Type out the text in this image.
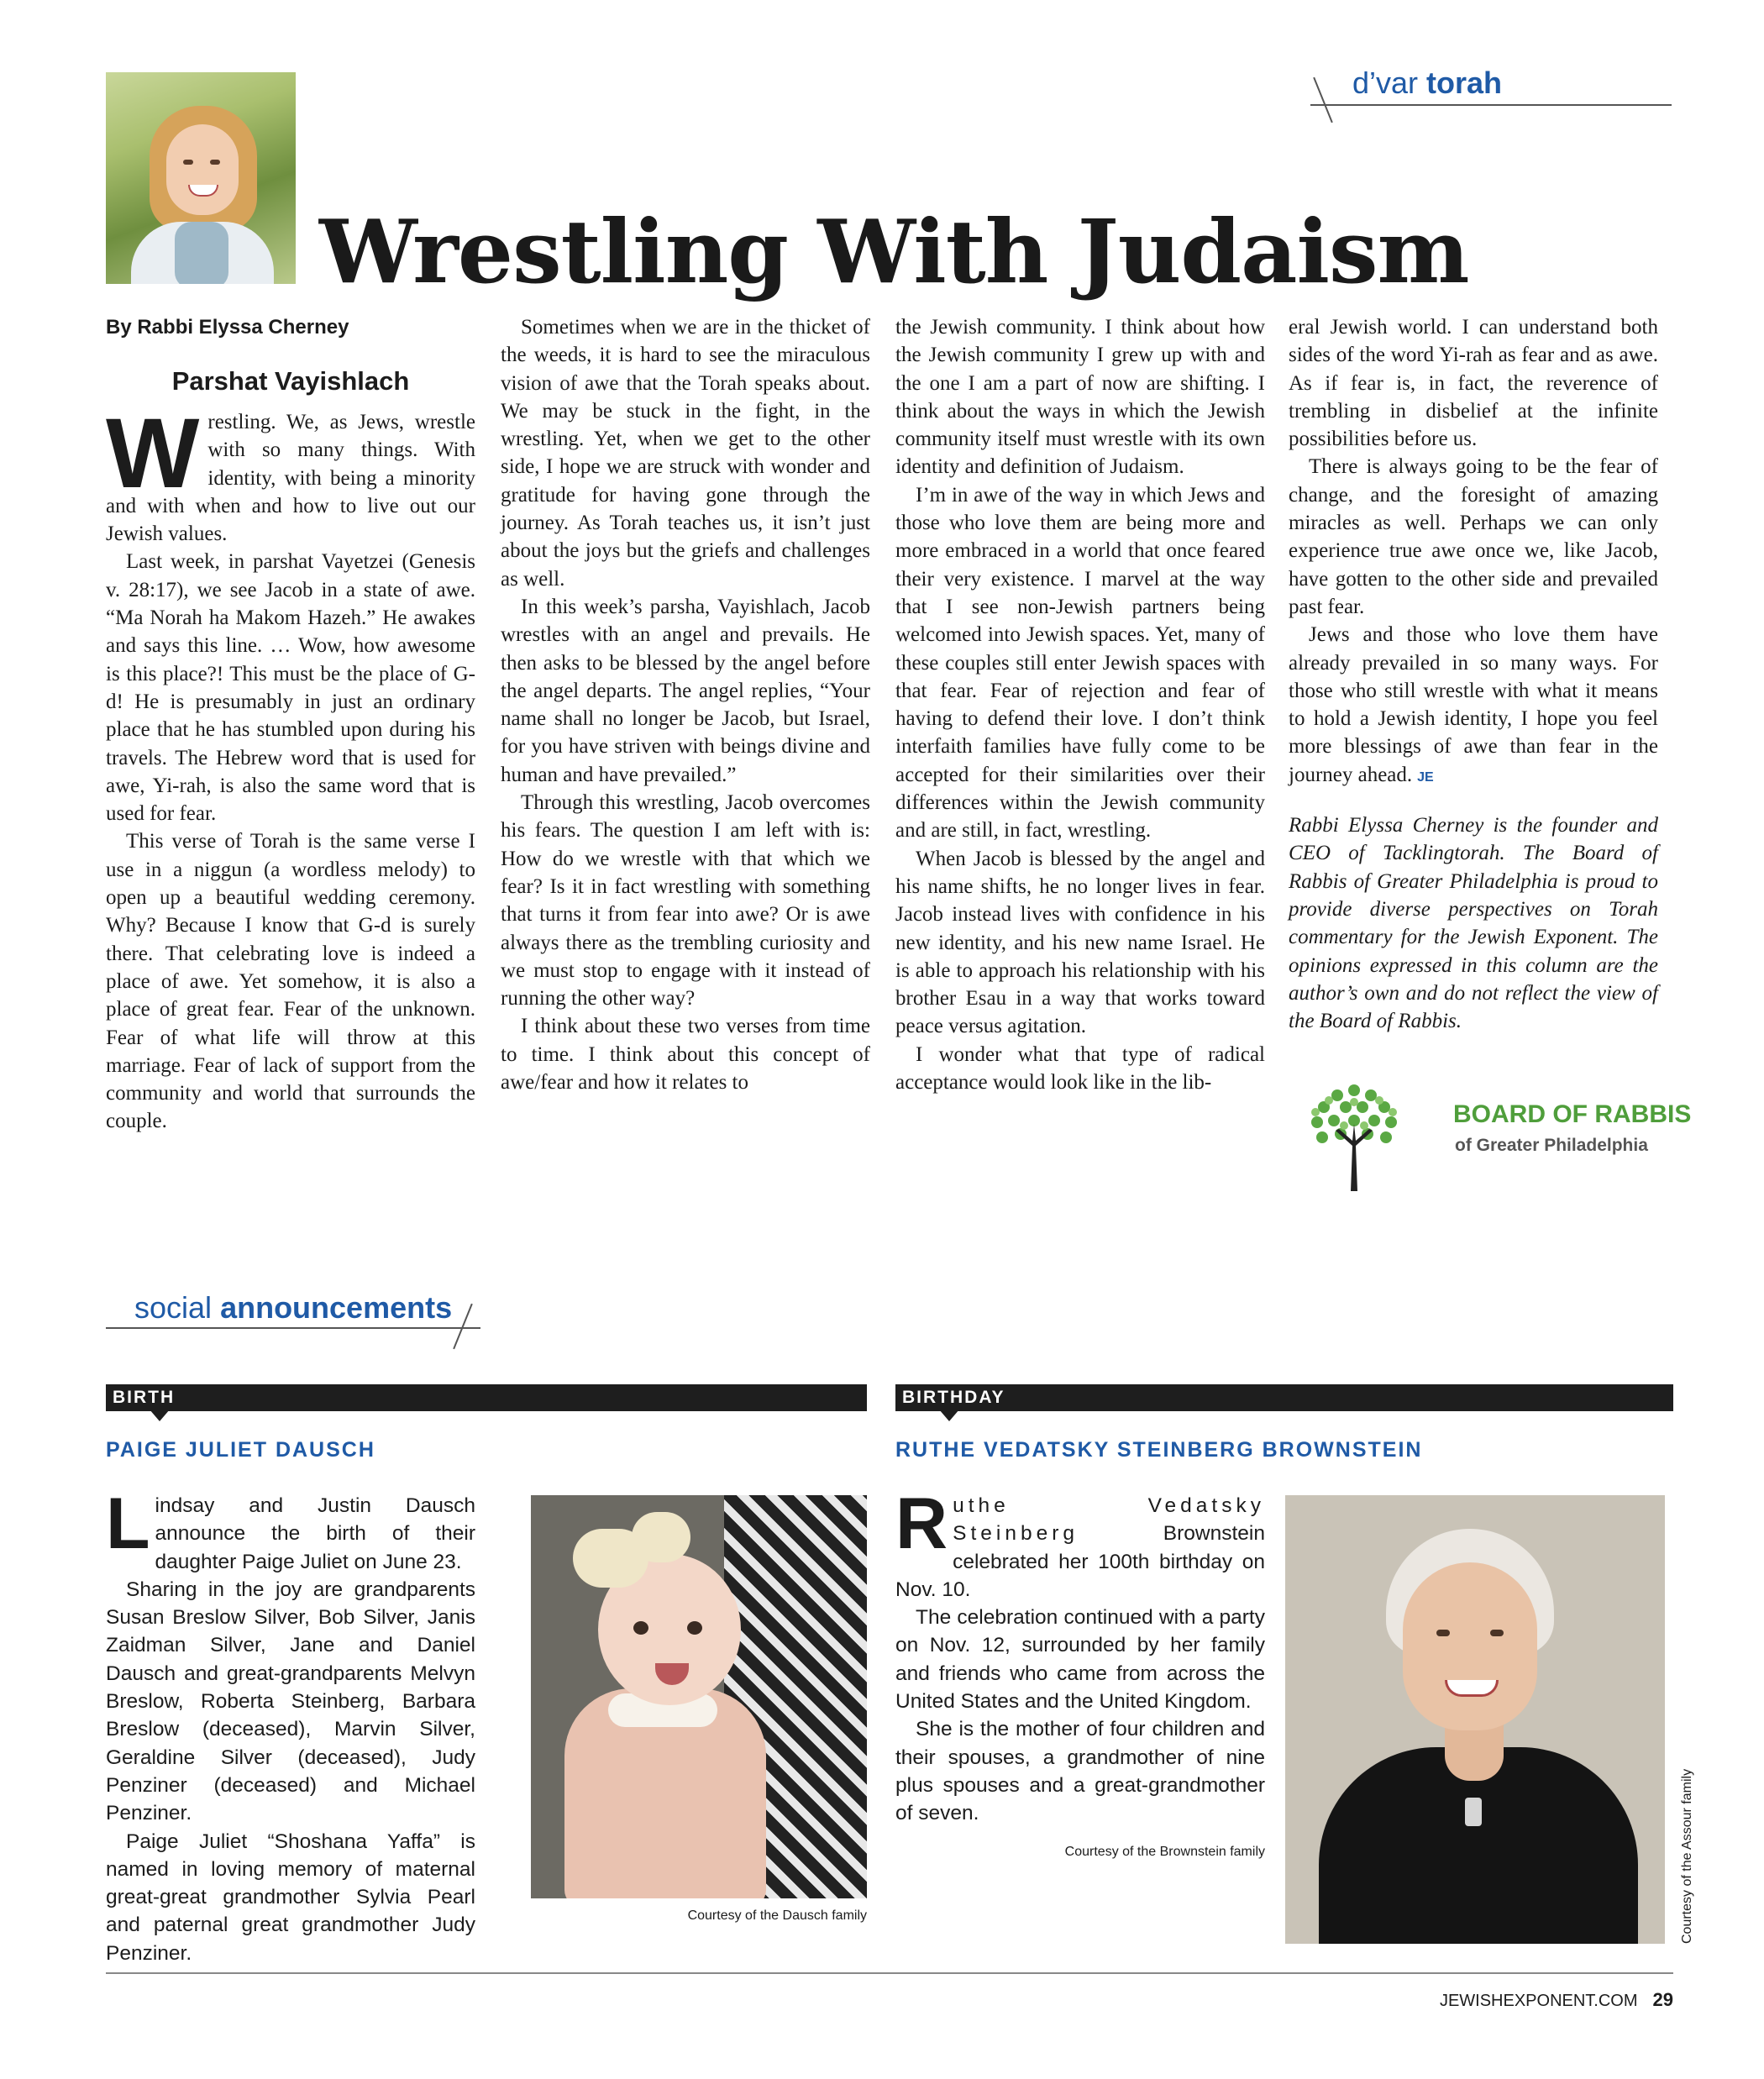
d’var torah
Wrestling With Judaism
By Rabbi Elyssa Cherney
Parshat Vayishlach

Wrestling. We, as Jews, wrestle with so many things. With identity, with being a minority and with when and how to live out our Jewish values.

Last week, in parshat Vayetzei (Genesis v. 28:17), we see Jacob in a state of awe. “Ma Norah ha Makom Hazeh.” He awakes and says this line. … Wow, how awesome is this place?! This must be the place of G-d! He is presumably in just an ordinary place that he has stumbled upon during his travels. The Hebrew word that is used for awe, Yi-rah, is also the same word that is used for fear.

This verse of Torah is the same verse I use in a niggun (a wordless melody) to open up a beautiful wedding ceremony. Why? Because I know that G-d is surely there. That celebrating love is indeed a place of awe. Yet somehow, it is also a place of great fear. Fear of the unknown. Fear of what life will throw at this marriage. Fear of lack of support from the community and world that surrounds the couple.

Sometimes when we are in the thicket of the weeds, it is hard to see the miraculous vision of awe that the Torah speaks about. We may be stuck in the fight, in the wrestling. Yet, when we get to the other side, I hope we are struck with wonder and gratitude for having gone through the journey. As Torah teaches us, it isn’t just about the joys but the griefs and challenges as well.

In this week’s parsha, Vayishlach, Jacob wrestles with an angel and prevails. He then asks to be blessed by the angel before the angel departs. The angel replies, “Your name shall no longer be Jacob, but Israel, for you have striven with beings divine and human and have prevailed.”

Through this wrestling, Jacob overcomes his fears. The question I am left with is: How do we wrestle with that which we fear? Is it in fact wrestling with something that turns it from fear into awe? Or is awe always there as the trembling curiosity and we must stop to engage with it instead of running the other way?

I think about these two verses from time to time. I think about this concept of awe/fear and how it relates to

the Jewish community. I think about how the Jewish community I grew up with and the one I am a part of now are shifting. I think about the ways in which the Jewish community itself must wrestle with its own identity and definition of Judaism.

I’m in awe of the way in which Jews and those who love them are being more and more embraced in a world that once feared their very existence. I marvel at the way that I see non-Jewish partners being welcomed into Jewish spaces. Yet, many of these couples still enter Jewish spaces with that fear. Fear of rejection and fear of having to defend their love. I don’t think interfaith families have fully come to be accepted for their similarities over their differences within the Jewish community and are still, in fact, wrestling.

When Jacob is blessed by the angel and his name shifts, he no longer lives in fear. Jacob instead lives with confidence in his new identity, and his new name Israel. He is able to approach his relationship with his brother Esau in a way that works toward peace versus agitation.

I wonder what that type of radical acceptance would look like in the lib-

eral Jewish world. I can understand both sides of the word Yi-rah as fear and as awe. As if fear is, in fact, the reverence of trembling in disbelief at the infinite possibilities before us.

There is always going to be the fear of change, and the foresight of amazing miracles as well. Perhaps we can only experience true awe once we, like Jacob, have gotten to the other side and prevailed past fear.

Jews and those who love them have already prevailed in so many ways. For those who still wrestle with what it means to hold a Jewish identity, I hope you feel more blessings of awe than fear in the journey ahead. JE

Rabbi Elyssa Cherney is the founder and CEO of Tacklingtorah. The Board of Rabbis of Greater Philadelphia is proud to provide diverse perspectives on Torah commentary for the Jewish Exponent. The opinions expressed in this column are the author’s own and do not reflect the view of the Board of Rabbis.

BOARD OF RABBIS
of Greater Philadelphia
social announcements
BIRTH
PAIGE JULIET DAUSCH

Lindsay and Justin Dausch announce the birth of their daughter Paige Juliet on June 23.

Sharing in the joy are grandparents Susan Breslow Silver, Bob Silver, Janis Zaidman Silver, Jane and Daniel Dausch and great-grandparents Melvyn Breslow, Roberta Steinberg, Barbara Breslow (deceased), Marvin Silver, Geraldine Silver (deceased), Judy Penziner (deceased) and Michael Penziner.

Paige Juliet “Shoshana Yaffa” is named in loving memory of maternal great-great grandmother Sylvia Pearl and paternal great grandmother Judy Penziner.

Courtesy of the Dausch family
BIRTHDAY
RUTHE VEDATSKY STEINBERG BROWNSTEIN

Ruthe Vedatsky Steinberg	Brownstein celebrated her 100th birthday on Nov. 10.

The celebration continued with a party on Nov. 12, surrounded by her family and friends who came from across the United States and the United Kingdom.

She is the mother of four children and their spouses, a grandmother of nine plus spouses and a great-grandmother of seven.

Courtesy of the Brownstein family	Courtesy of the Assour family
JEWISHEXPONENT.COM 29
